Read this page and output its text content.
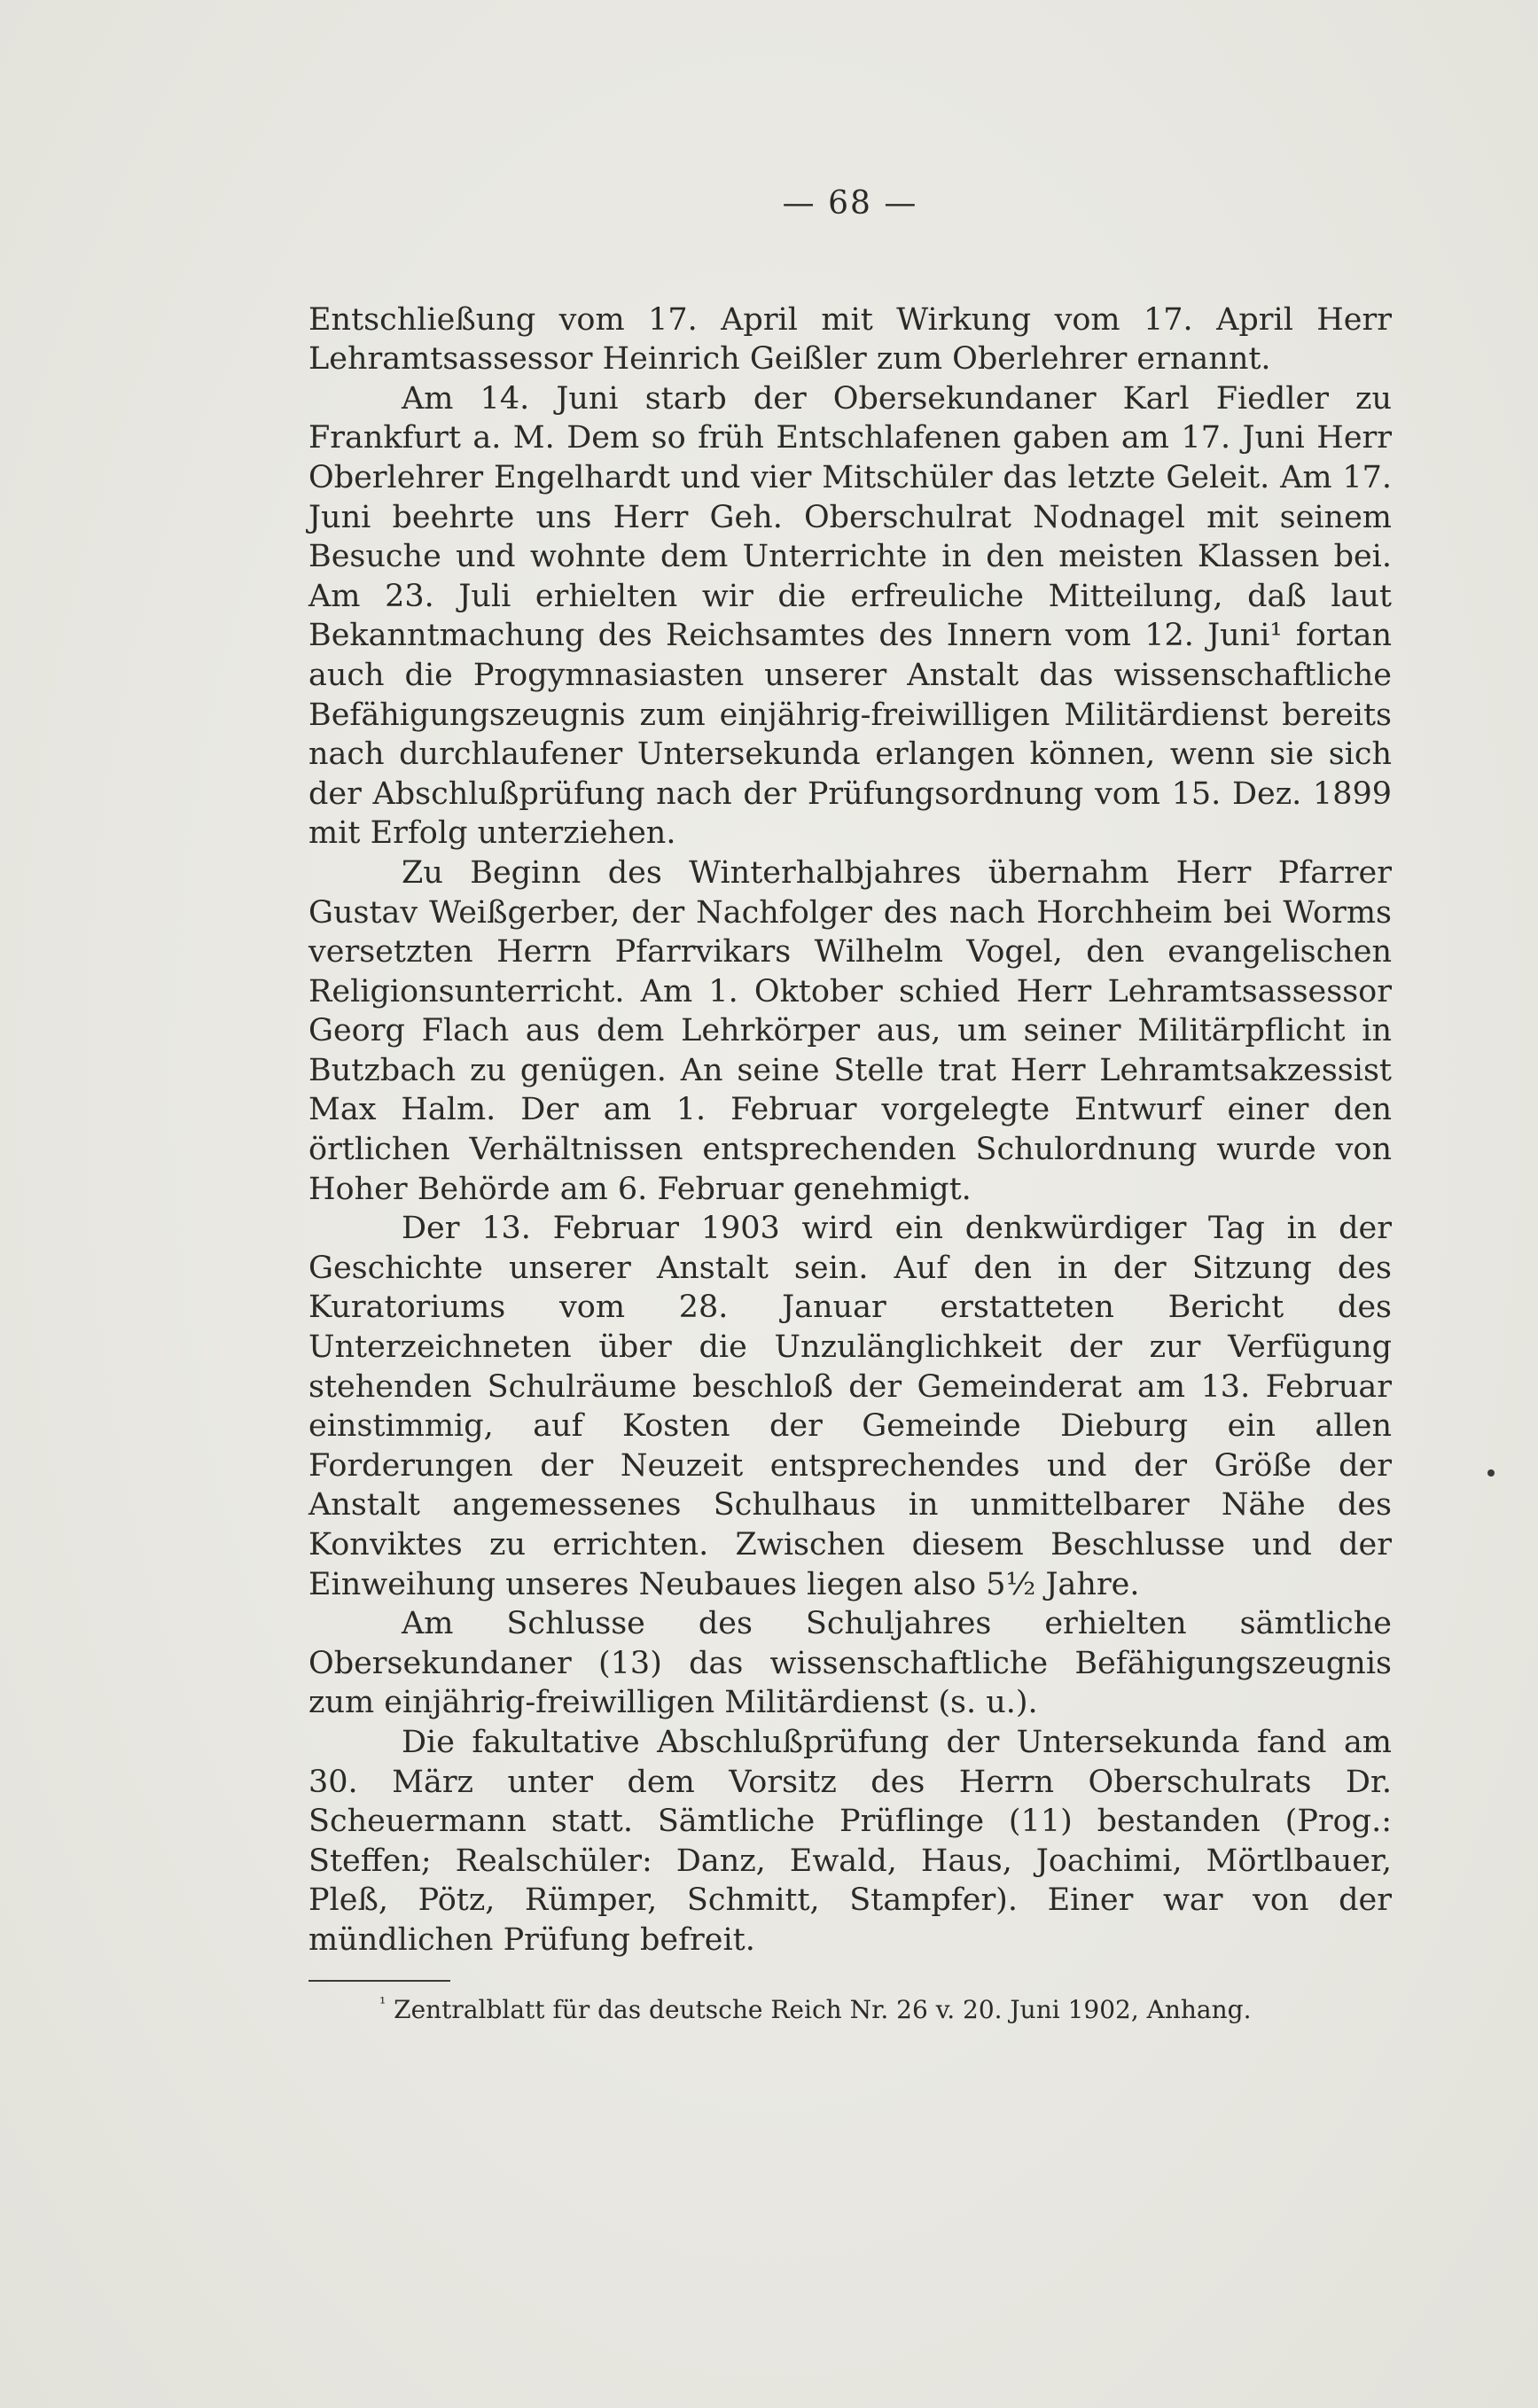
— 68 —

Entschließung vom 17. April mit Wirkung vom 17. April Herr Lehramtsassessor Heinrich Geißler zum Oberlehrer ernannt.

Am 14. Juni starb der Obersekundaner Karl Fiedler zu Frankfurt a. M. Dem so früh Entschlafenen gaben am 17. Juni Herr Oberlehrer Engelhardt und vier Mitschüler das letzte Geleit. Am 17. Juni beehrte uns Herr Geh. Oberschulrat Nodnagel mit seinem Besuche und wohnte dem Unterrichte in den meisten Klassen bei. Am 23. Juli erhielten wir die erfreuliche Mitteilung, daß laut Bekanntmachung des Reichsamtes des Innern vom 12. Juni¹ fortan auch die Progymnasiasten unserer Anstalt das wissenschaftliche Befähigungszeugnis zum einjährig-freiwilligen Militärdienst bereits nach durchlaufener Untersekunda erlangen können, wenn sie sich der Abschlußprüfung nach der Prüfungsordnung vom 15. Dez. 1899 mit Erfolg unterziehen.

Zu Beginn des Winterhalbjahres übernahm Herr Pfarrer Gustav Weißgerber, der Nachfolger des nach Horchheim bei Worms versetzten Herrn Pfarrvikars Wilhelm Vogel, den evangelischen Religionsunterricht. Am 1. Oktober schied Herr Lehramtsassessor Georg Flach aus dem Lehrkörper aus, um seiner Militärpflicht in Butzbach zu genügen. An seine Stelle trat Herr Lehramtsakzessist Max Halm. Der am 1. Februar vorgelegte Entwurf einer den örtlichen Verhältnissen entsprechenden Schulordnung wurde von Hoher Behörde am 6. Februar genehmigt.

Der 13. Februar 1903 wird ein denkwürdiger Tag in der Geschichte unserer Anstalt sein. Auf den in der Sitzung des Kuratoriums vom 28. Januar erstatteten Bericht des Unterzeichneten über die Unzulänglichkeit der zur Verfügung stehenden Schulräume beschloß der Gemeinderat am 13. Februar einstimmig, auf Kosten der Gemeinde Dieburg ein allen Forderungen der Neuzeit entsprechendes und der Größe der Anstalt angemessenes Schulhaus in unmittelbarer Nähe des Konviktes zu errichten. Zwischen diesem Beschlusse und der Einweihung unseres Neubaues liegen also 5½ Jahre.

Am Schlusse des Schuljahres erhielten sämtliche Obersekundaner (13) das wissenschaftliche Befähigungszeugnis zum einjährig-freiwilligen Militärdienst (s. u.).

Die fakultative Abschlußprüfung der Untersekunda fand am 30. März unter dem Vorsitz des Herrn Oberschulrats Dr. Scheuermann statt. Sämtliche Prüflinge (11) bestanden (Prog.: Steffen; Realschüler: Danz, Ewald, Haus, Joachimi, Mörtlbauer, Pleß, Pötz, Rümper, Schmitt, Stampfer). Einer war von der mündlichen Prüfung befreit.

$^{^1}$ Zentralblatt für das deutsche Reich Nr. 26 v. 20. Juni 1902, Anhang.
